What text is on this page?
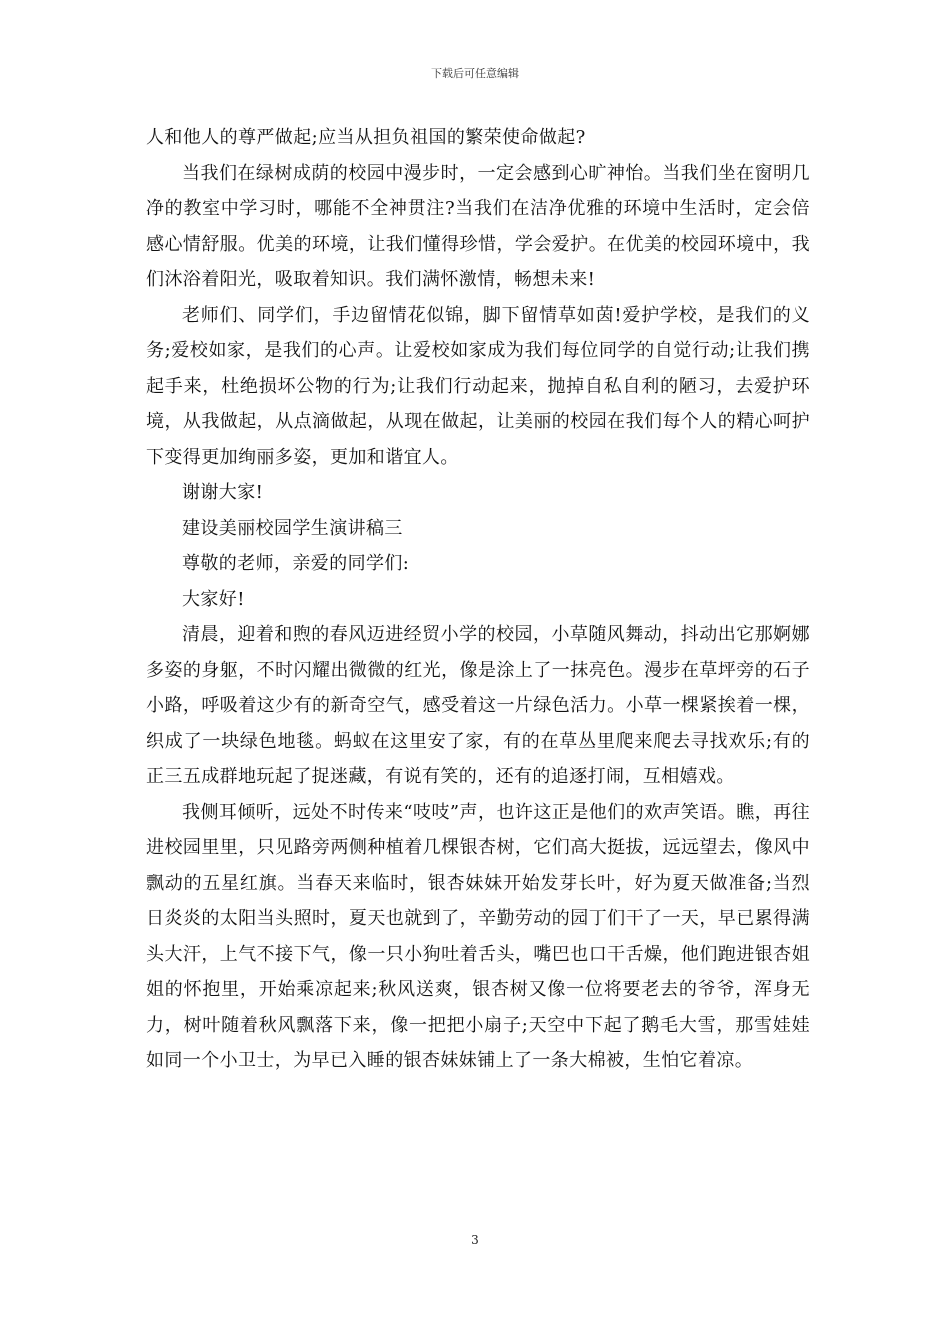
下载后可任意编辑

人和他人的尊严做起;应当从担负祖国的繁荣使命做起?

当我们在绿树成荫的校园中漫步时，一定会感到心旷神怡。当我们坐在窗明几净的教室中学习时，哪能不全神贯注?当我们在洁净优雅的环境中生活时，定会倍感心情舒服。优美的环境，让我们懂得珍惜，学会爱护。在优美的校园环境中，我们沐浴着阳光，吸取着知识。我们满怀激情，畅想未来!

老师们、同学们，手边留情花似锦，脚下留情草如茵!爱护学校，是我们的义务;爱校如家，是我们的心声。让爱校如家成为我们每位同学的自觉行动;让我们携起手来，杜绝损坏公物的行为;让我们行动起来，抛掉自私自利的陋习，去爱护环境，从我做起，从点滴做起，从现在做起，让美丽的校园在我们每个人的精心呵护下变得更加绚丽多姿，更加和谐宜人。

谢谢大家!

建设美丽校园学生演讲稿三

尊敬的老师，亲爱的同学们:

大家好!

清晨，迎着和煦的春风迈进经贸小学的校园，小草随风舞动，抖动出它那婀娜多姿的身躯，不时闪耀出微微的红光，像是涂上了一抹亮色。漫步在草坪旁的石子小路，呼吸着这少有的新奇空气，感受着这一片绿色活力。小草一棵紧挨着一棵，织成了一块绿色地毯。蚂蚁在这里安了家，有的在草丛里爬来爬去寻找欢乐;有的正三五成群地玩起了捉迷藏，有说有笑的，还有的追逐打闹，互相嬉戏。

我侧耳倾听，远处不时传来“吱吱”声，也许这正是他们的欢声笑语。瞧，再往进校园里里，只见路旁两侧种植着几棵银杏树，它们高大挺拔，远远望去，像风中飘动的五星红旗。当春天来临时，银杏妹妹开始发芽长叶，好为夏天做准备;当烈日炎炎的太阳当头照时，夏天也就到了，辛勤劳动的园丁们干了一天，早已累得满头大汗，上气不接下气，像一只小狗吐着舌头，嘴巴也口干舌燥，他们跑进银杏姐姐的怀抱里，开始乘凉起来;秋风送爽，银杏树又像一位将要老去的爷爷，浑身无力，树叶随着秋风飘落下来，像一把把小扇子;天空中下起了鹅毛大雪，那雪娃娃如同一个小卫士，为早已入睡的银杏妹妹铺上了一条大棉被，生怕它着凉。

3
